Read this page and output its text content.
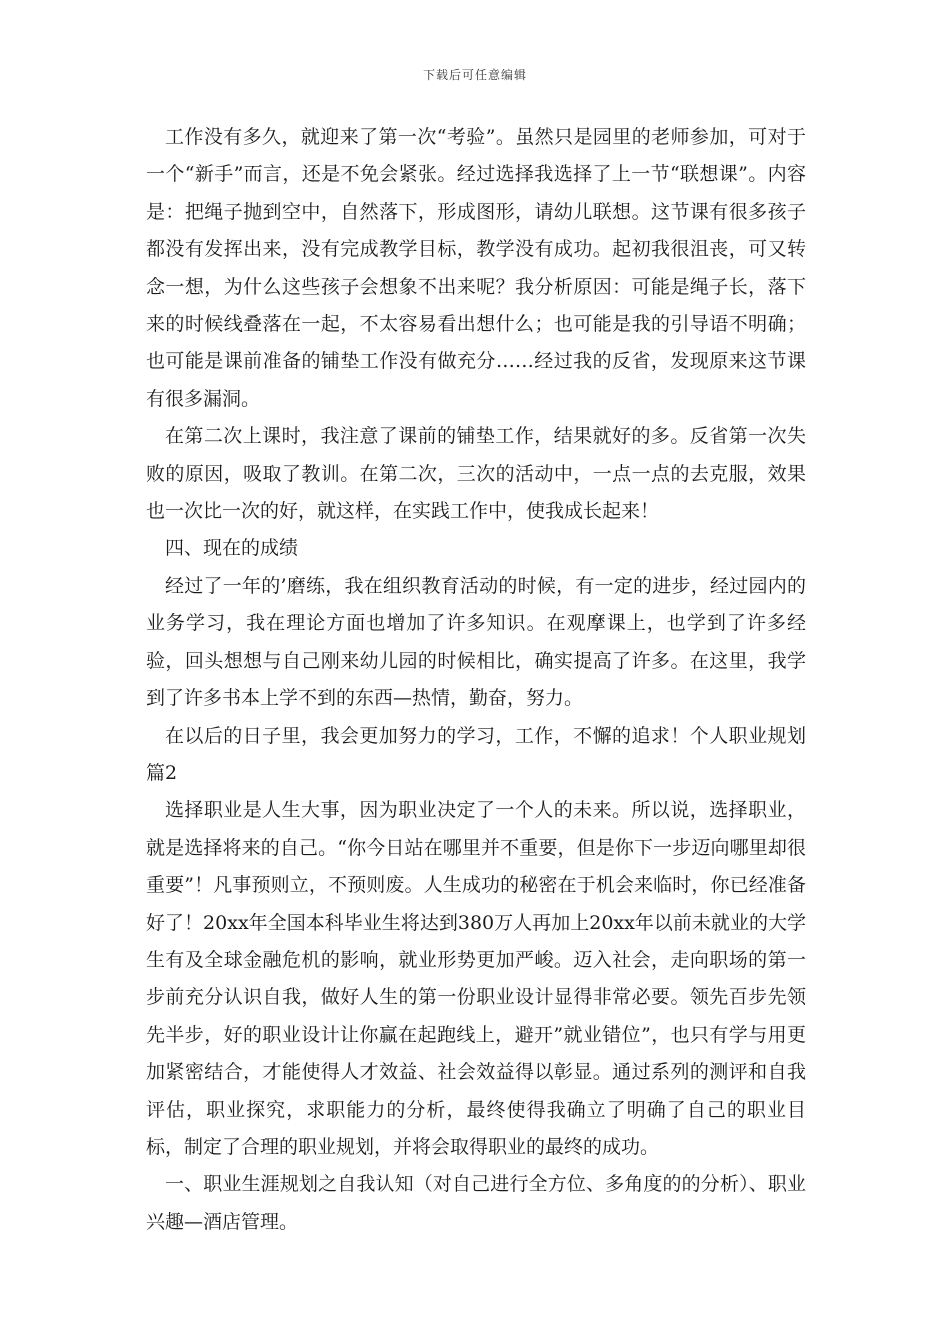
下载后可任意编辑

工作没有多久，就迎来了第一次“考验”。虽然只是园里的老师参加，可对于一个“新手”而言，还是不免会紧张。经过选择我选择了上一节“联想课”。内容是：把绳子抛到空中，自然落下，形成图形，请幼儿联想。这节课有很多孩子都没有发挥出来，没有完成教学目标，教学没有成功。起初我很沮丧，可又转念一想，为什么这些孩子会想象不出来呢？我分析原因：可能是绳子长，落下来的时候线叠落在一起，不太容易看出想什么；也可能是我的引导语不明确；也可能是课前准备的铺垫工作没有做充分……经过我的反省，发现原来这节课有很多漏洞。

在第二次上课时，我注意了课前的铺垫工作，结果就好的多。反省第一次失败的原因，吸取了教训。在第二次，三次的活动中，一点一点的去克服，效果也一次比一次的好，就这样，在实践工作中，使我成长起来！

四、现在的成绩

经过了一年的’磨练，我在组织教育活动的时候，有一定的进步，经过园内的业务学习，我在理论方面也增加了许多知识。在观摩课上，也学到了许多经验，回头想想与自己刚来幼儿园的时候相比，确实提高了许多。在这里，我学到了许多书本上学不到的东西—热情，勤奋，努力。

在以后的日子里，我会更加努力的学习，工作，不懈的追求！个人职业规划篇2

选择职业是人生大事，因为职业决定了一个人的未来。所以说，选择职业，就是选择将来的自己。“你今日站在哪里并不重要，但是你下一步迈向哪里却很重要”！凡事预则立，不预则废。人生成功的秘密在于机会来临时，你已经准备好了！20xx年全国本科毕业生将达到380万人再加上20xx年以前未就业的大学生有及全球金融危机的影响，就业形势更加严峻。迈入社会，走向职场的第一步前充分认识自我，做好人生的第一份职业设计显得非常必要。领先百步先领先半步，好的职业设计让你赢在起跑线上，避开”就业错位”，也只有学与用更加紧密结合，才能使得人才效益、社会效益得以彰显。通过系列的测评和自我评估，职业探究，求职能力的分析，最终使得我确立了明确了自己的职业目标，制定了合理的职业规划，并将会取得职业的最终的成功。

一、职业生涯规划之自我认知（对自己进行全方位、多角度的的分析）、职业兴趣—酒店管理。
